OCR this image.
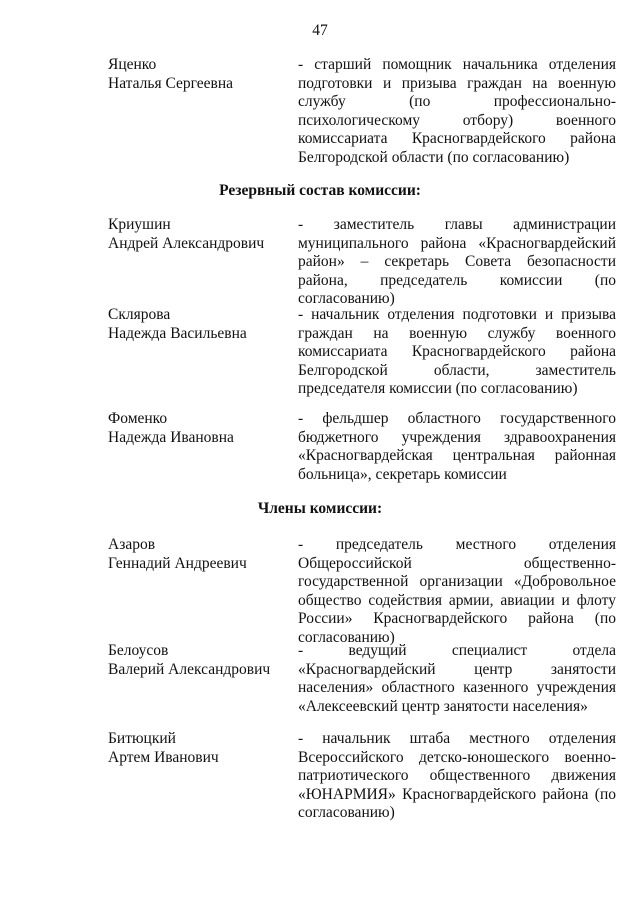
47
Яценко
Наталья Сергеевна
- старший помощник начальника отделения подготовки и призыва граждан на военную службу (по профессионально-психологическому отбору) военного комиссариата Красногвардейского района Белгородской области (по согласованию)
Резервный состав комиссии:
Криушин
Андрей Александрович
- заместитель главы администрации муниципального района «Красногвардейский район» – секретарь Совета безопасности района, председатель комиссии (по согласованию)
Склярова
Надежда Васильевна
- начальник отделения подготовки и призыва граждан на военную службу военного комиссариата Красногвардейского района Белгородской области, заместитель председателя комиссии (по согласованию)
Фоменко
Надежда Ивановна
- фельдшер областного государственного бюджетного учреждения здравоохранения «Красногвардейская центральная районная больница», секретарь комиссии
Члены комиссии:
Азаров
Геннадий Андреевич
- председатель местного отделения Общероссийской общественно-государственной организации «Добровольное общество содействия армии, авиации и флоту России» Красногвардейского района (по согласованию)
Белоусов
Валерий Александрович
- ведущий специалист отдела «Красногвардейский центр занятости населения» областного казенного учреждения «Алексеевский центр занятости населения»
Битюцкий
Артем Иванович
- начальник штаба местного отделения Всероссийского детско-юношеского военно-патриотического общественного движения «ЮНАРМИЯ» Красногвардейского района (по согласованию)
